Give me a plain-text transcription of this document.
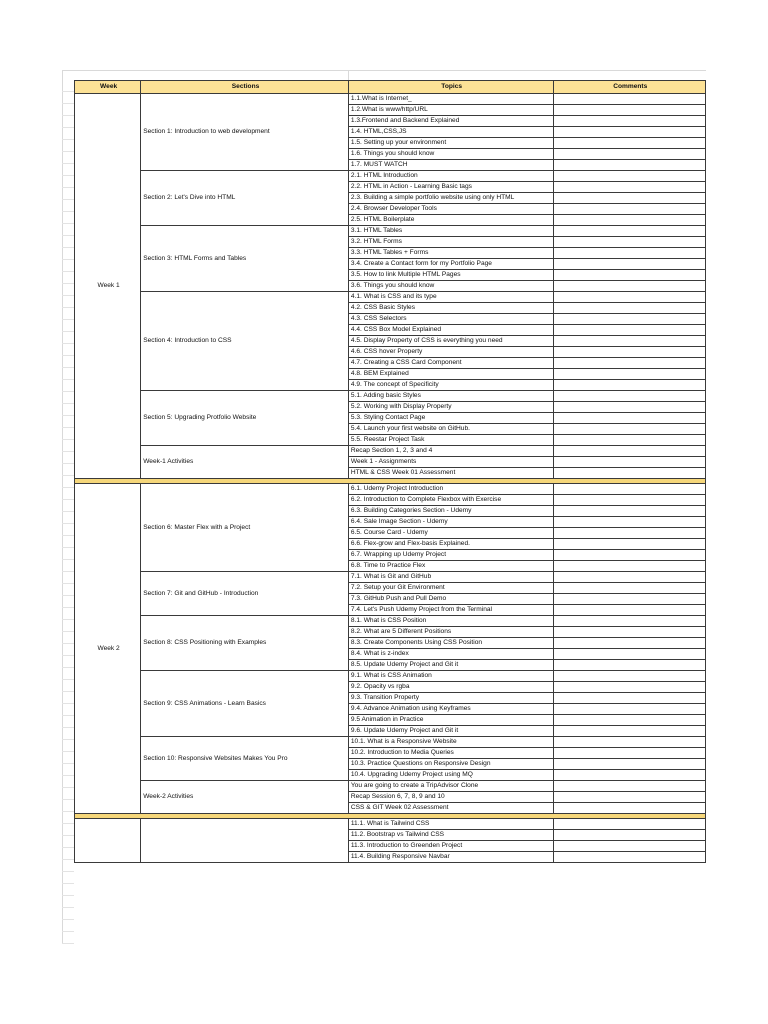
Week	Sections	Topics	Comments
Week 1	Section 1: Introduction to web development	1.1.What is Internet_	
		1.2.What is www/http/URL	
		1.3.Frontend and Backend Explained	
		1.4. HTML,CSS,JS	
		1.5. Setting up your environment	
		1.6. Things you should know	
		1.7. MUST WATCH	
	Section 2: Let's Dive into HTML	2.1. HTML Introduction	
		2.2. HTML in Action - Learning Basic tags	
		2.3. Building a simple portfolio website using only HTML	
		2.4. Browser Developer Tools	
		2.5. HTML Boilerplate	
	Section 3: HTML Forms and Tables	3.1. HTML Tables	
		3.2. HTML Forms	
		3.3. HTML Tables + Forms	
		3.4. Create a Contact form for my Portfolio Page	
		3.5. How to link Multiple HTML Pages	
		3.6. Things you should know	
	Section 4: Introduction to CSS	4.1. What is CSS and its type	
		4.2. CSS Basic Styles	
		4.3. CSS Selectors	
		4.4. CSS Box Model Explained	
		4.5. Display Property of CSS is everything you need	
		4.6. CSS hover Property	
		4.7. Creating a CSS Card Component	
		4.8. BEM Explained	
		4.9. The concept of Specificity	
	Section 5: Upgrading Protfolio Website	5.1. Adding basic Styles	
		5.2. Working with Display Property	
		5.3. Styling Contact Page	
		5.4. Launch your first website on GitHub.	
		5.5. Reestar Project Task	
	Week-1 Activities	Recap Section 1, 2, 3 and 4	
		Week 1 - Assignments	
		HTML & CSS Week 01 Assessment	

Week 2	Section 6: Master Flex with a Project	6.1. Udemy Project Introduction	
		6.2. Introduction to Complete Flexbox with Exercise	
		6.3. Building Categories Section - Udemy	
		6.4. Sale Image Section - Udemy	
		6.5. Course Card - Udemy	
		6.6. Flex-grow and Flex-basis Explained.	
		6.7. Wrapping up Udemy Project	
		6.8. Time to Practice Flex	
	Section 7: Git and GitHub - Introduction	7.1. What is Git and GitHub	
		7.2. Setup your Git Environment	
		7.3. GitHub Push and Pull Demo	
		7.4. Let's Push Udemy Project from the Terminal	
	Section 8: CSS Positioning with Examples	8.1. What is CSS Position	
		8.2. What are 5 Different Positions	
		8.3. Create Components Using CSS Position	
		8.4. What is z-index	
		8.5. Update Udemy Project and Git it	
	Section 9: CSS Animations - Learn Basics	9.1. What is CSS Animation	
		9.2. Opacity vs rgba	
		9.3. Transition Property	
		9.4. Advance Animation using Keyframes	
		9.5 Animation in Practice	
		9.6. Update Udemy Project and Git it	
	Section 10: Responsive Websites Makes You Pro	10.1. What is a Responsive Website	
		10.2. Introduction to Media Queries	
		10.3. Practice Questions on Responsive Design	
		10.4. Upgrading Udemy Project using MQ	
	Week-2 Activities	You are going to create a TripAdvisor Clone	
		Recap Session 6, 7, 8, 9 and 10	
		CSS & GIT Week 02 Assessment	

		11.1. What is Tailwind CSS	
		11.2. Bootstrap vs Tailwind CSS	
		11.3. Introduction to Greenden Project	
		11.4. Building Responsive Navbar	
